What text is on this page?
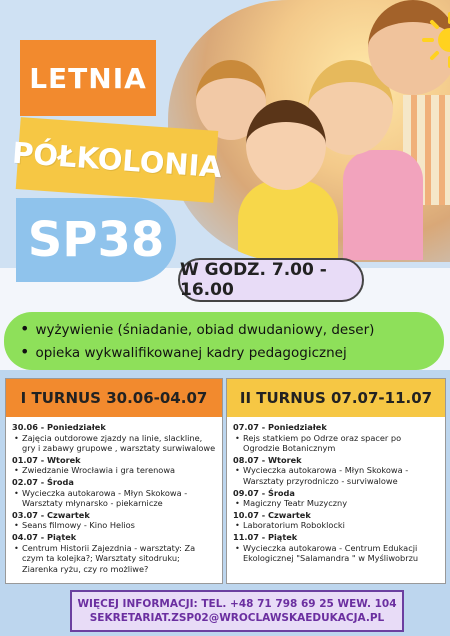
LETNIA
PÓŁKOLONIA
SP38
W GODZ. 7.00 - 16.00
• wyżywienie (śniadanie, obiad dwudaniowy, deser)
• opieka wykwalifikowanej kadry pedagogicznej
I TURNUS 30.06-04.07
30.06 - Poniedziałek
• Zajęcia outdorowe zjazdy na linie, slackline, gry i zabawy grupowe , warsztaty surwiwalowe
01.07 - Wtorek
• Zwiedzanie Wrocławia i gra terenowa
02.07 - Środa
• Wycieczka autokarowa - Młyn Skokowa - Warsztaty młynarsko - piekarnicze
03.07 - Czwartek
• Seans filmowy - Kino Helios
04.07 - Piątek
• Centrum Historii Zajezdnia - warsztaty: Za czym ta kolejka?; Warsztaty sitodruku; Ziarenka ryżu, czy ro możliwe?
II TURNUS 07.07-11.07
07.07 - Poniedziałek
• Rejs statkiem po Odrze oraz spacer po Ogrodzie Botanicznym
08.07 - Wtorek
• Wycieczka autokarowa - Młyn Skokowa - Warsztaty przyrodniczo - surviwalowe
09.07 - Środa
• Magiczny Teatr Muzyczny
10.07 - Czwartek
• Laboratorium Roboklocki
11.07 - Piątek
• Wycieczka autokarowa - Centrum Edukacji Ekologicznej "Salamandra " w Myśliwobrzu
WIĘCEJ INFORMACJI: TEL. +48 71 798 69 25 WEW. 104
SEKRETARIAT.ZSP02@WROCLAWSKAEDUKACJA.PL
